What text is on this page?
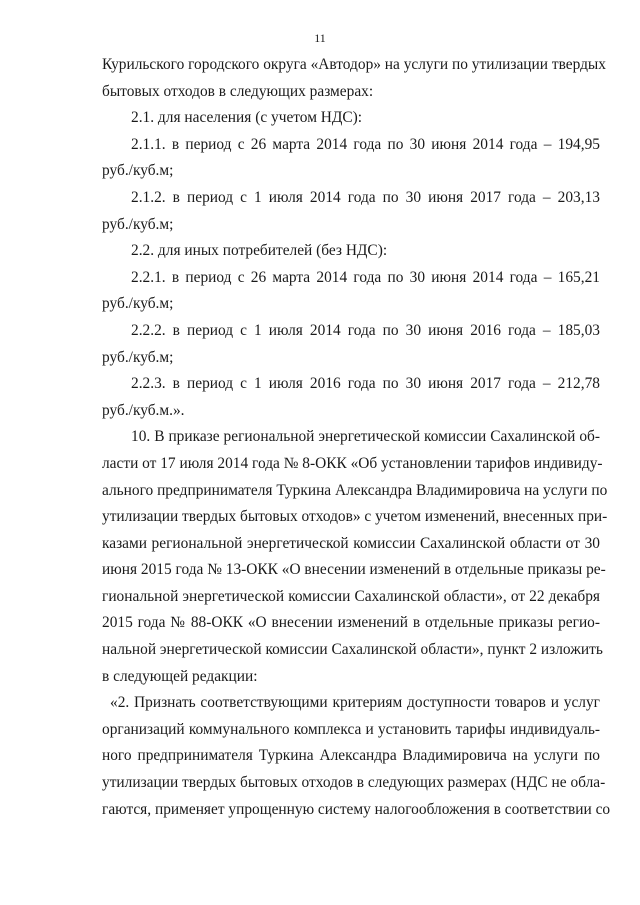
11
Курильского городского округа «Автодор» на услуги по утилизации твердых
бытовых отходов в следующих размерах:
2.1. для населения (с учетом НДС):
2.1.1. в период с 26 марта 2014 года по 30 июня 2014 года – 194,95
руб./куб.м;
2.1.2. в период с 1 июля 2014 года по 30 июня 2017 года – 203,13
руб./куб.м;
2.2. для иных потребителей (без НДС):
2.2.1. в период с 26 марта 2014 года по 30 июня 2014 года – 165,21
руб./куб.м;
2.2.2. в период с 1 июля 2014 года по 30 июня 2016 года – 185,03
руб./куб.м;
2.2.3. в период с 1 июля 2016 года по 30 июня 2017 года – 212,78
руб./куб.м.».
10. В приказе региональной энергетической комиссии Сахалинской об-
ласти от 17 июля 2014 года № 8-ОКК «Об установлении тарифов индивиду-
ального предпринимателя Туркина Александра Владимировича на услуги по
утилизации твердых бытовых отходов» с учетом изменений, внесенных при-
казами региональной энергетической комиссии Сахалинской области от 30
июня 2015 года № 13-ОКК «О внесении изменений в отдельные приказы ре-
гиональной энергетической комиссии Сахалинской области», от 22 декабря
2015 года № 88-ОКК «О внесении изменений в отдельные приказы регио-
нальной энергетической комиссии Сахалинской области», пункт 2 изложить
в следующей редакции:
«2. Признать соответствующими критериям доступности товаров и услуг
организаций коммунального комплекса и установить тарифы индивидуаль-
ного предпринимателя Туркина Александра Владимировича на услуги по
утилизации твердых бытовых отходов в следующих размерах (НДС не обла-
гаются, применяет упрощенную систему налогообложения в соответствии со
